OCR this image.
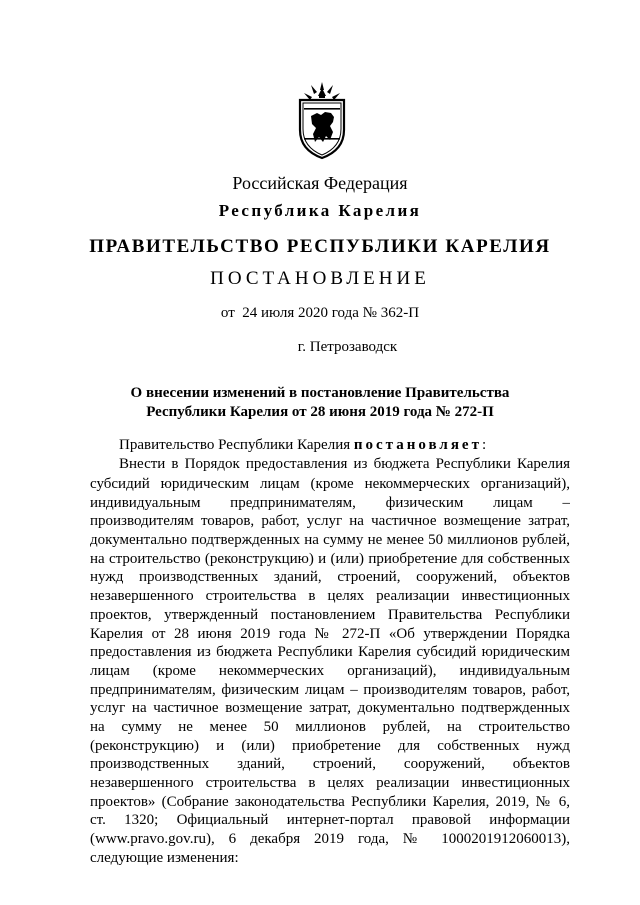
Российская Федерация
Республика Карелия
ПРАВИТЕЛЬСТВО РЕСПУБЛИКИ КАРЕЛИЯ
ПОСТАНОВЛЕНИЕ
от  24 июля 2020 года № 362-П
г. Петрозаводск
О внесении изменений в постановление Правительства
Республики Карелия от 28 июня 2019 года № 272-П
Правительство Республики Карелия постановляет:
Внести в Порядок предоставления из бюджета Республики Карелия
субсидий юридическим лицам (кроме некоммерческих организаций),
индивидуальным предпринимателям, физическим лицам –
производителям товаров, работ, услуг на частичное возмещение затрат,
документально подтвержденных на сумму не менее 50 миллионов рублей,
на строительство (реконструкцию) и (или) приобретение для собственных
нужд производственных зданий, строений, сооружений, объектов
незавершенного строительства в целях реализации инвестиционных
проектов, утвержденный постановлением Правительства Республики
Карелия от 28 июня 2019 года № 272-П «Об утверждении Порядка
предоставления из бюджета Республики Карелия субсидий юридическим
лицам (кроме некоммерческих организаций), индивидуальным
предпринимателям, физическим лицам – производителям товаров, работ,
услуг на частичное возмещение затрат, документально подтвержденных
на сумму не менее 50 миллионов рублей, на строительство
(реконструкцию) и (или) приобретение для собственных нужд
производственных зданий, строений, сооружений, объектов
незавершенного строительства в целях реализации инвестиционных
проектов» (Собрание законодательства Республики Карелия, 2019, № 6,
ст. 1320; Официальный интернет-портал правовой информации
(www.pravo.gov.ru), 6 декабря 2019 года, № 1000201912060013),
следующие изменения:
